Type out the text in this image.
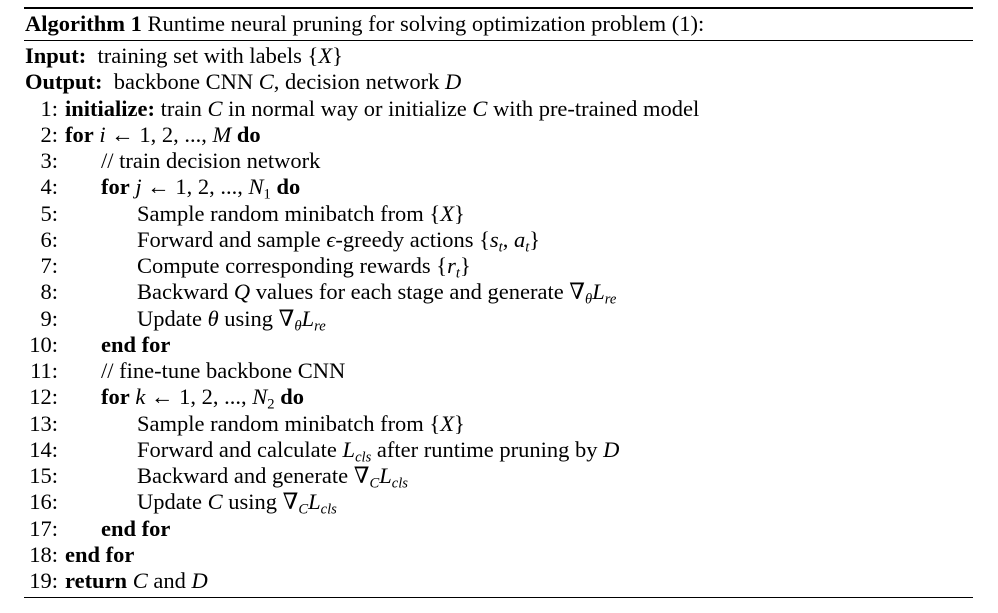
Algorithm 1 Runtime neural pruning for solving optimization problem (1):
Input:  training set with labels {X}
Output:  backbone CNN C, decision network D
1: initialize: train C in normal way or initialize C with pre-trained model
2: for i ← 1, 2, ..., M do
3:	// train decision network
4:	for j ← 1, 2, ..., $N_1$ do
5:	Sample random minibatch from {X}
6:	Forward and sample ϵ-greedy actions {$s_t$, $a_t$}
7:	Compute corresponding rewards $\{r_t\}$
8:	Backward Q values for each stage and generate $\nabla_\theta L_{re}$
9:	Update θ using $\nabla_\theta L_{re}$
10:	end for
11:	// fine-tune backbone CNN
12:	for k ← 1, 2, ..., $N_2$ do
13:	Sample random minibatch from {X}
14:	Forward and calculate $L_{cls}$ after runtime pruning by D
15:	Backward and generate $\nabla_CL_{cls}$
16:	Update C using $\nabla_CL_{cls}$
17:	end for
18: end for
19: return C and D
